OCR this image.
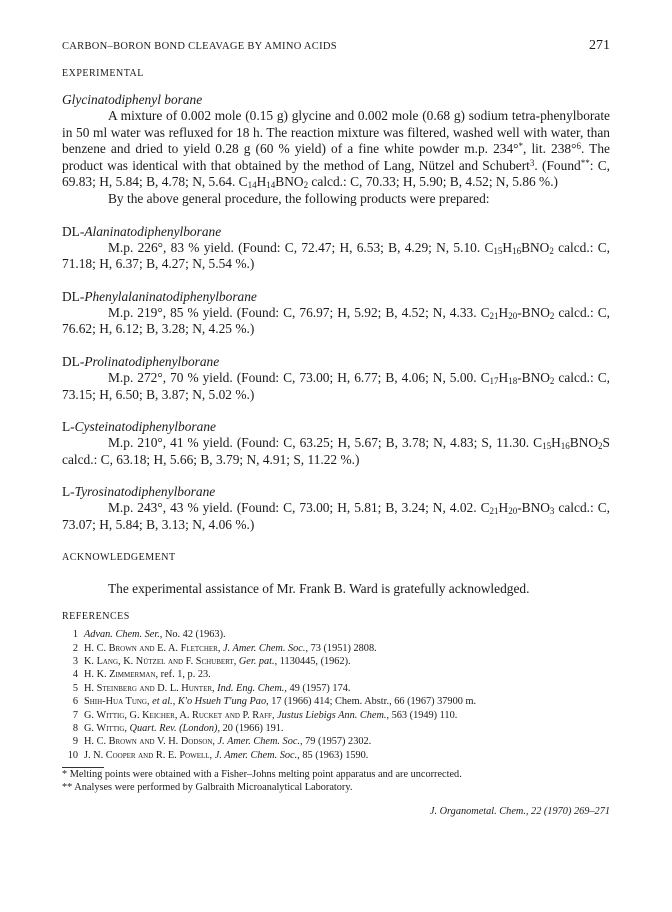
CARBON–BORON BOND CLEAVAGE BY AMINO ACIDS	271
EXPERIMENTAL
Glycinatodiphenyl borane
A mixture of 0.002 mole (0.15 g) glycine and 0.002 mole (0.68 g) sodium tetra-phenylborate in 50 ml water was refluxed for 18 h. The reaction mixture was filtered, washed well with water, than benzene and dried to yield 0.28 g (60 % yield) of a fine white powder m.p. 234°*, lit. 238°$^6$. The product was identical with that obtained by the method of Lang, Nützel and Schubert$^3$. (Found**: C, 69.83; H, 5.84; B, 4.78; N, 5.64. $C_{14}H_{14}BNO_2$ calcd.: C, 70.33; H, 5.90; B, 4.52; N, 5.86 %.)
By the above general procedure, the following products were prepared:
DL-Alaninatodiphenylborane
M.p. 226°, 83 % yield. (Found: C, 72.47; H, 6.53; B, 4.29; N, 5.10. $C_{15}H_{16}BNO_2$ calcd.: C, 71.18; H, 6.37; B, 4.27; N, 5.54 %.)
DL-Phenylalaninatodiphenylborane
M.p. 219°, 85 % yield. (Found: C, 76.97; H, 5.92; B, 4.52; N, 4.33. $C_{21}H_{20}-BNO_2$ calcd.: C, 76.62; H, 6.12; B, 3.28; N, 4.25 %.)
DL-Prolinatodiphenylborane
M.p. 272°, 70 % yield. (Found: C, 73.00; H, 6.77; B, 4.06; N, 5.00. $C_{17}H_{18}-BNO_2$ calcd.: C, 73.15; H, 6.50; B, 3.87; N, 5.02 %.)
L-Cysteinatodiphenylborane
M.p. 210°, 41 % yield. (Found: C, 63.25; H, 5.67; B, 3.78; N, 4.83; S, 11.30. $C_{15}H_{16}BNO_2S$ calcd.: C, 63.18; H, 5.66; B, 3.79; N, 4.91; S, 11.22 %.)
L-Tyrosinatodiphenylborane
M.p. 243°, 43 % yield. (Found: C, 73.00; H, 5.81; B, 3.24; N, 4.02. $C_{21}H_{20}-BNO_3$ calcd.: C, 73.07; H, 5.84; B, 3.13; N, 4.06 %.)
ACKNOWLEDGEMENT
The experimental assistance of Mr. Frank B. Ward is gratefully acknowledged.
REFERENCES
1 Advan. Chem. Ser., No. 42 (1963).
2 H. C. Brown and E. A. Fletcher, J. Amer. Chem. Soc., 73 (1951) 2808.
3 K. Lang, K. Nützel and F. Schubert, Ger. pat., 1130445, (1962).
4 H. K. Zimmerman, ref. 1, p. 23.
5 H. Steinberg and D. L. Hunter, Ind. Eng. Chem., 49 (1957) 174.
6 Shih-Hua Tung, et al., K'o Hsueh T'ung Pao, 17 (1966) 414; Chem. Abstr., 66 (1967) 37900 m.
7 G. Wittig, G. Keicher, A. Rucket and P. Raff, Justus Liebigs Ann. Chem., 563 (1949) 110.
8 G. Wittig, Quart. Rev. (London), 20 (1966) 191.
9 H. C. Brown and V. H. Dodson, J. Amer. Chem. Soc., 79 (1957) 2302.
10 J. N. Cooper and R. E. Powell, J. Amer. Chem. Soc., 85 (1963) 1590.
* Melting points were obtained with a Fisher–Johns melting point apparatus and are uncorrected.
** Analyses were performed by Galbraith Microanalytical Laboratory.
J. Organometal. Chem., 22 (1970) 269–271
